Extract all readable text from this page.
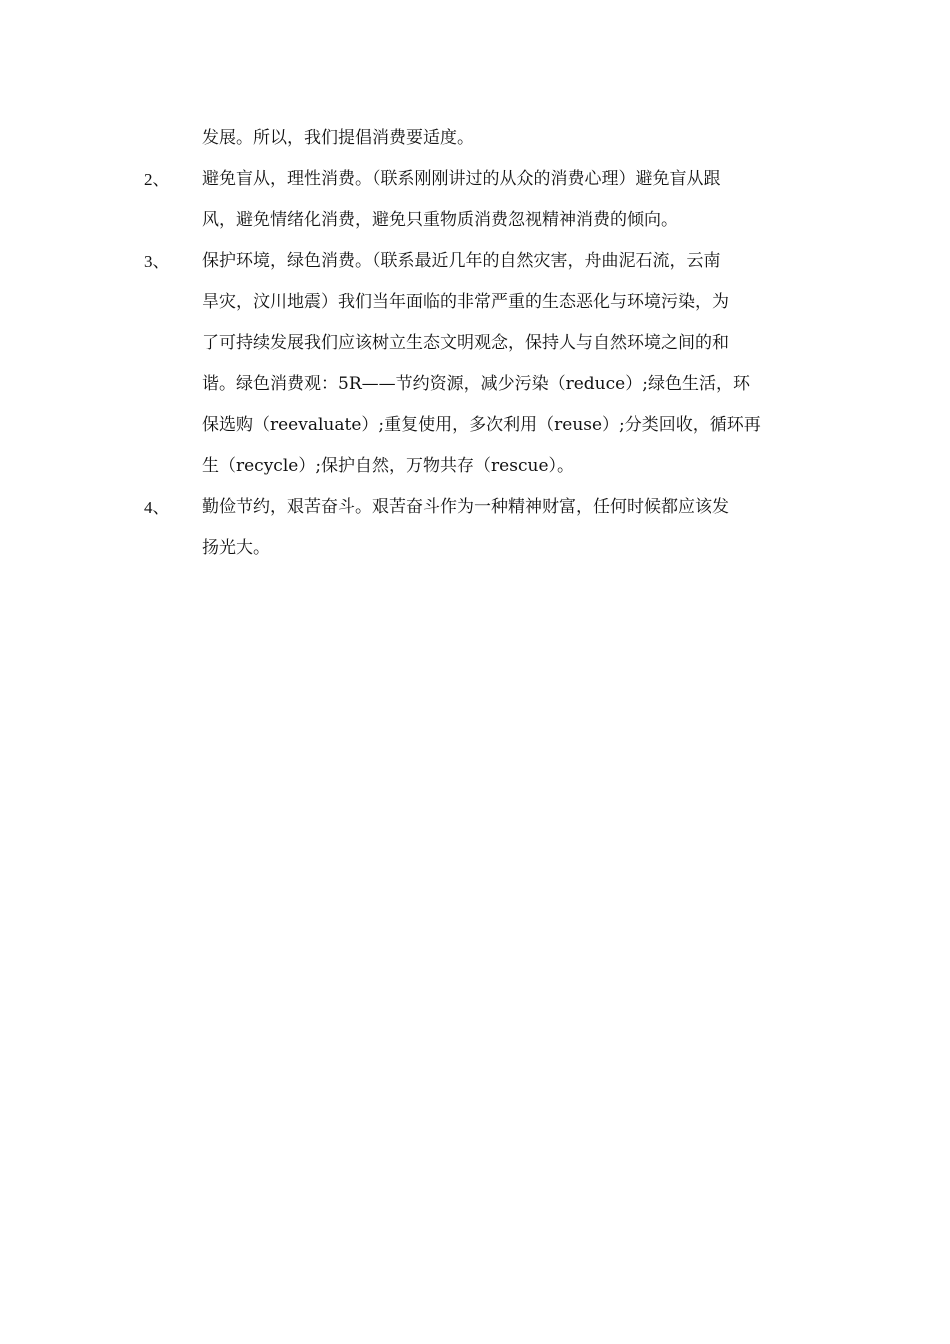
发展。所以，我们提倡消费要适度。
2、	避免盲从，理性消费。（联系刚刚讲过的从众的消费心理）避免盲从跟
风，避免情绪化消费，避免只重物质消费忽视精神消费的倾向。
3、	保护环境，绿色消费。（联系最近几年的自然灾害，舟曲泥石流，云南
旱灾，汶川地震）我们当年面临的非常严重的生态恶化与环境污染，为
了可持续发展我们应该树立生态文明观念，保持人与自然环境之间的和
谐。绿色消费观：5R——节约资源，减少污染（reduce）;绿色生活，环
保选购（reevaluate）;重复使用，多次利用（reuse）;分类回收，循环再
生（recycle）;保护自然，万物共存（rescue）。
4、	勤俭节约，艰苦奋斗。艰苦奋斗作为一种精神财富，任何时候都应该发
扬光大。
